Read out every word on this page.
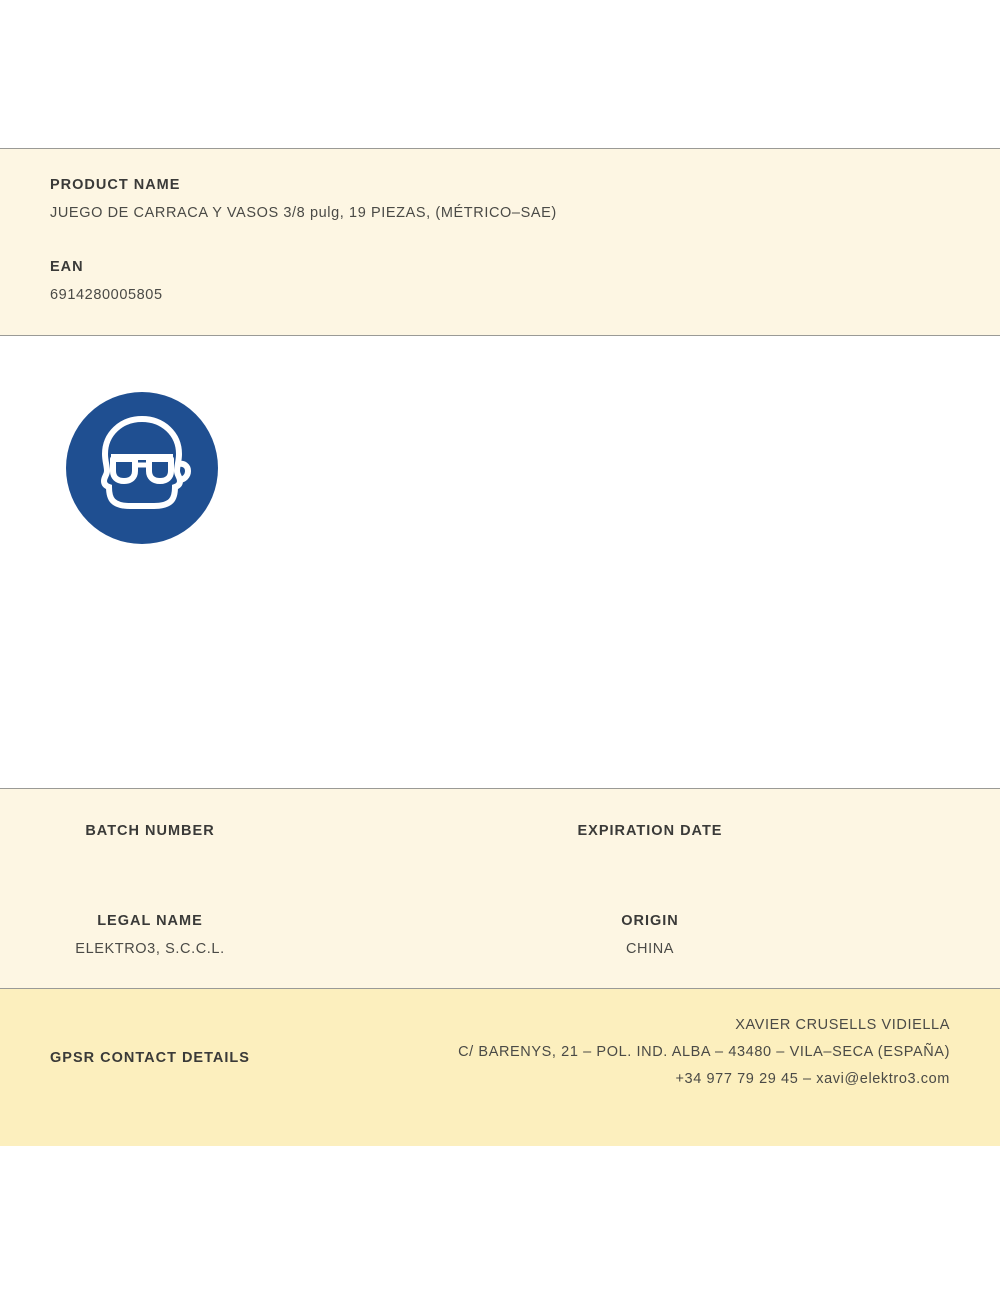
PRODUCT NAME

JUEGO DE CARRACA Y VASOS 3/8 pulg, 19 PIEZAS, (MÉTRICO–SAE)

EAN

6914280005805

BATCH NUMBER	EXPIRATION DATE

LEGAL NAME

ELEKTRO3, S.C.C.L.

ORIGIN

CHINA

GPSR CONTACT DETAILS

XAVIER CRUSELLS VIDIELLA

C/ BARENYS, 21 – POL. IND. ALBA – 43480 – VILA–SECA (ESPAÑA)

+34 977 79 29 45 – xavi@elektro3.com
